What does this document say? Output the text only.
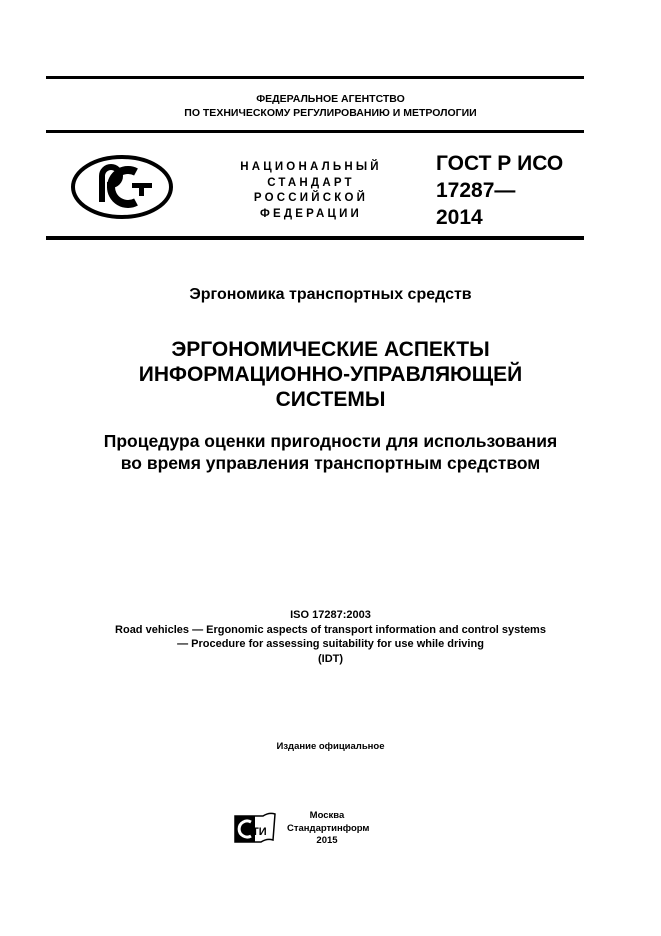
ФЕДЕРАЛЬНОЕ АГЕНТСТВО
ПО ТЕХНИЧЕСКОМУ РЕГУЛИРОВАНИЮ И МЕТРОЛОГИИ
НАЦИОНАЛЬНЫЙ
СТАНДАРТ
РОССИЙСКОЙ
ФЕДЕРАЦИИ
ГОСТ Р ИСО
17287—
2014
Эргономика транспортных средств
ЭРГОНОМИЧЕСКИЕ АСПЕКТЫ
ИНФОРМАЦИОННО-УПРАВЛЯЮЩЕЙ
СИСТЕМЫ
Процедура оценки пригодности для использования
во время управления транспортным средством
ISO 17287:2003
Road vehicles — Ergonomic aspects of transport information and control systems
— Procedure for assessing suitability for use while driving
(IDT)
Издание официальное
ТИ
Москва
Стандартинформ
2015
